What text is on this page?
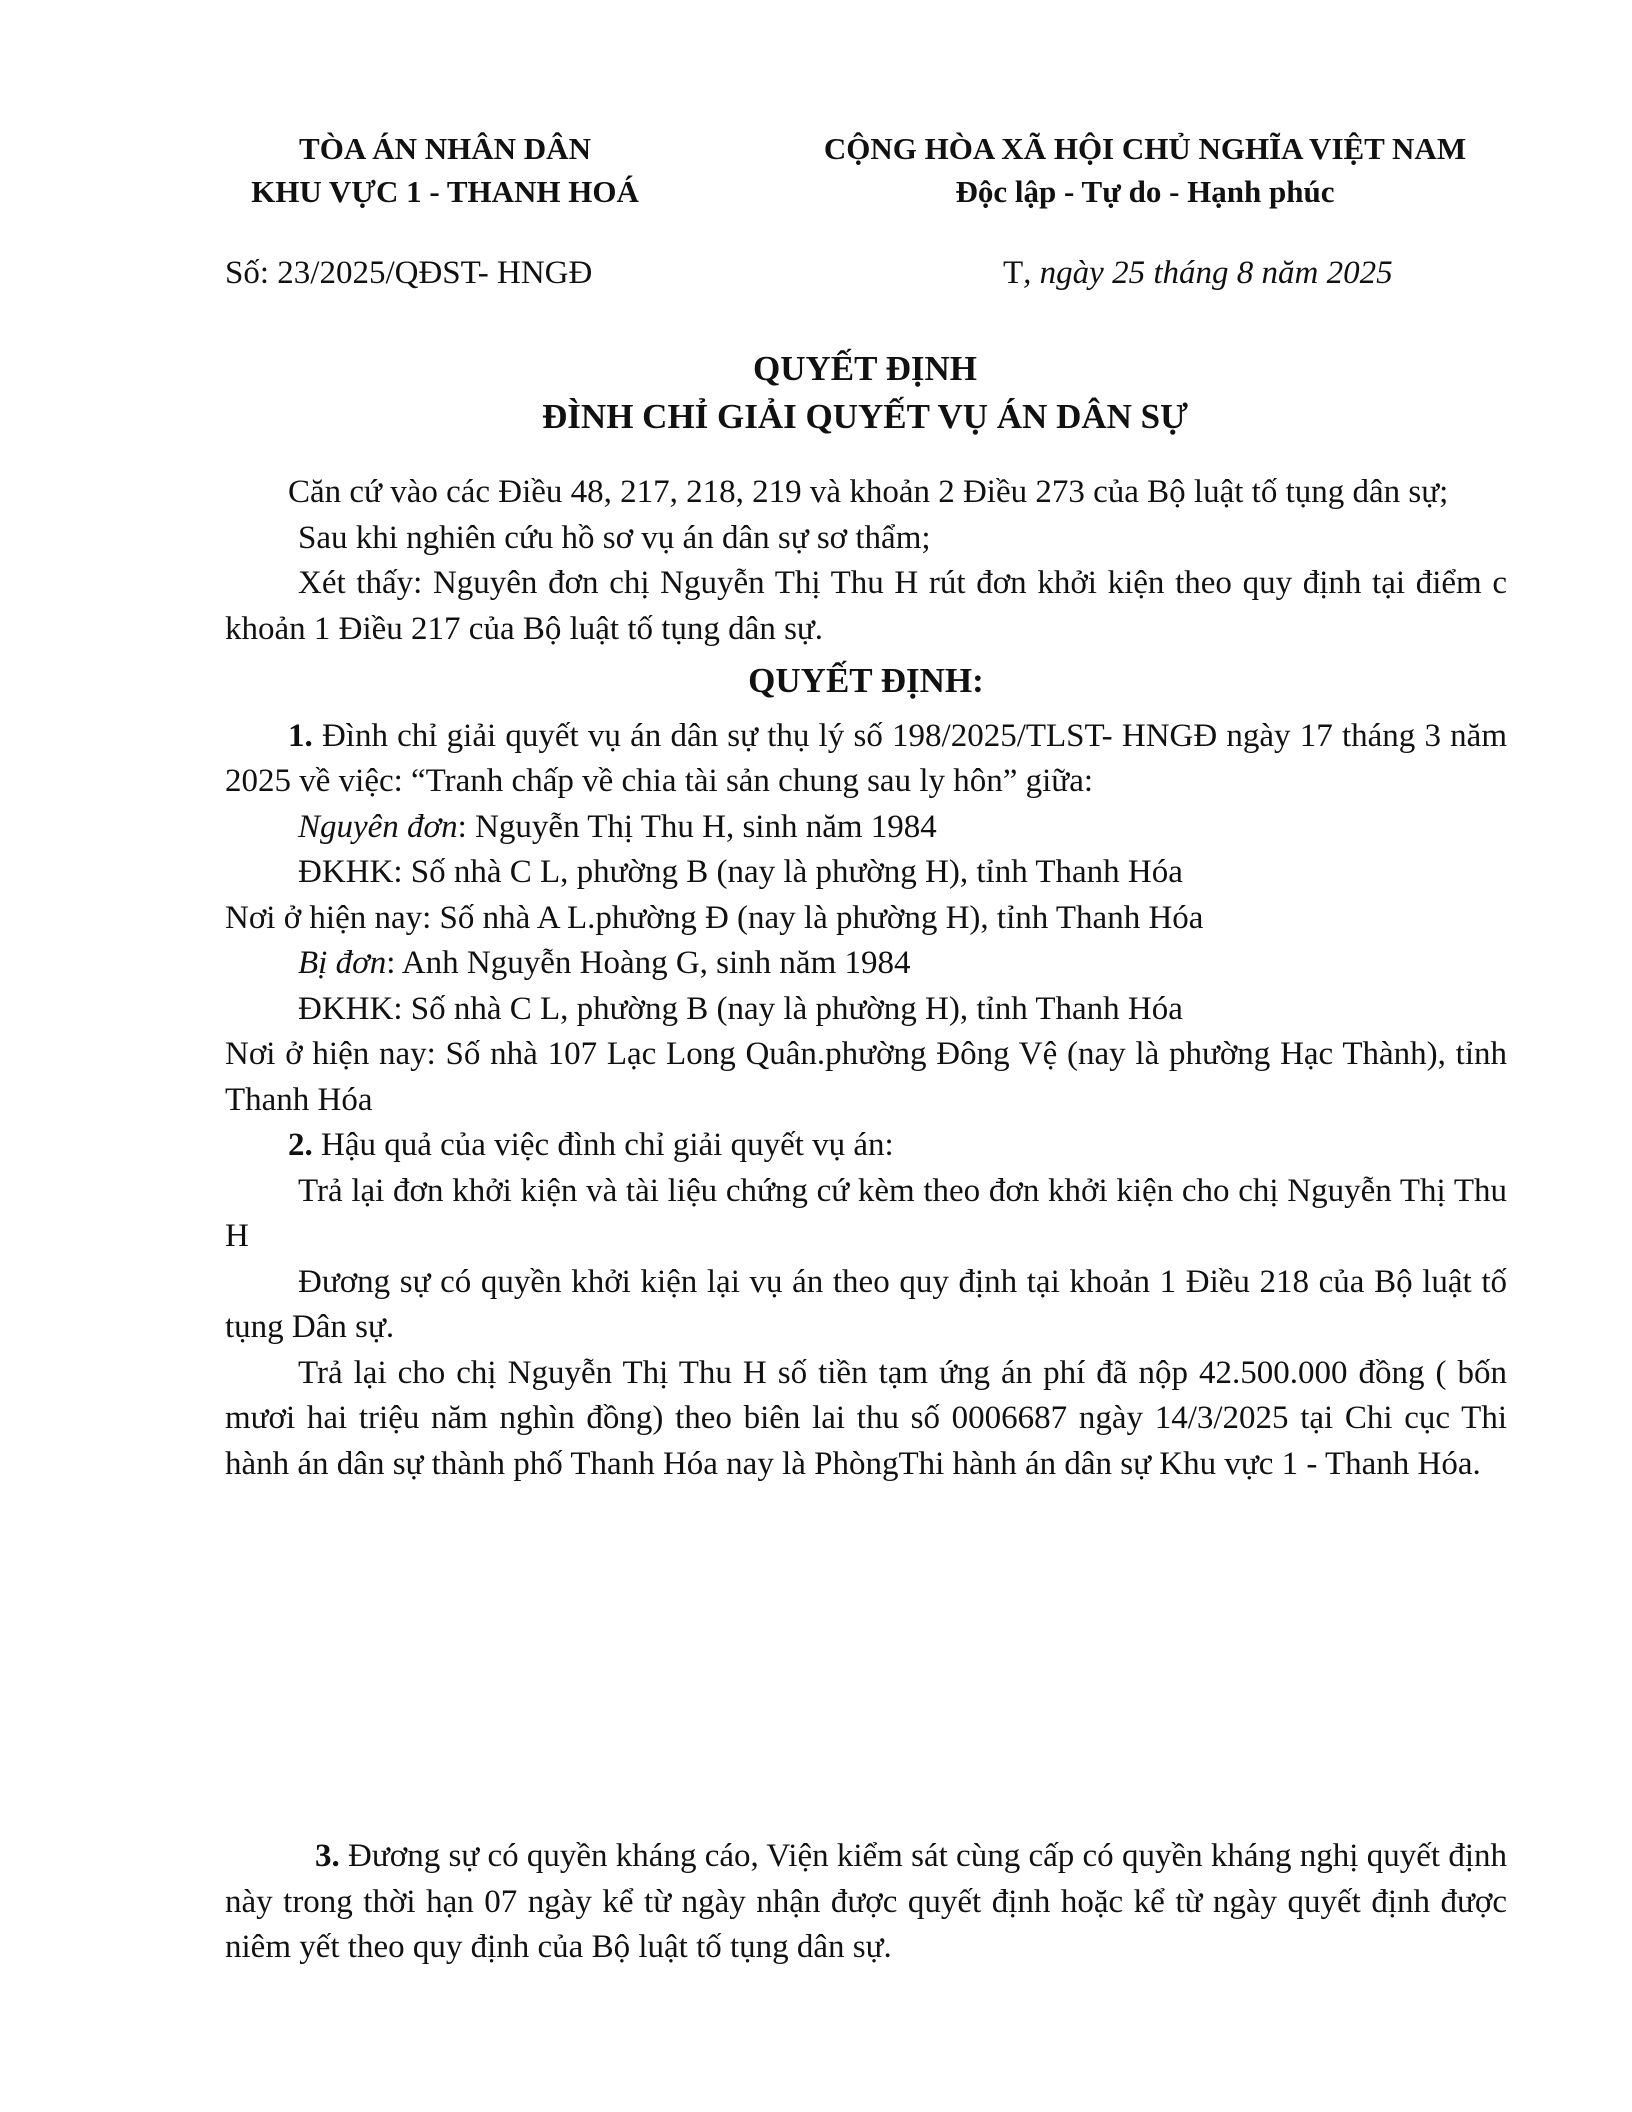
TÒA ÁN NHÂN DÂN
KHU VỰC 1 - THANH HOÁ
CỘNG HÒA XÃ HỘI CHỦ NGHĨA VIỆT NAM
Độc lập - Tự do - Hạnh phúc
Số: 23/2025/QĐST- HNGĐ	T, ngày 25 tháng 8 năm 2025
QUYẾT ĐỊNH
ĐÌNH CHỈ GIẢI QUYẾT VỤ ÁN DÂN SỰ

Căn cứ vào các Điều 48, 217, 218, 219 và khoản 2 Điều 273 của Bộ luật tố tụng dân sự;

Sau khi nghiên cứu hồ sơ vụ án dân sự sơ thẩm;

Xét thấy: Nguyên đơn chị Nguyễn Thị Thu H rút đơn khởi kiện theo quy định tại điểm c khoản 1 Điều 217 của Bộ luật tố tụng dân sự.

QUYẾT ĐỊNH:

1. Đình chỉ giải quyết vụ án dân sự thụ lý số 198/2025/TLST- HNGĐ ngày 17 tháng 3 năm 2025 về việc: “Tranh chấp về chia tài sản chung sau ly hôn” giữa:

Nguyên đơn: Nguyễn Thị Thu H, sinh năm 1984

ĐKHK: Số nhà C L, phường B (nay là phường H), tỉnh Thanh Hóa

Nơi ở hiện nay: Số nhà A L.phường Đ (nay là phường H), tỉnh Thanh Hóa

Bị đơn: Anh Nguyễn Hoàng G, sinh năm 1984

ĐKHK: Số nhà C L, phường B (nay là phường H), tỉnh Thanh Hóa

Nơi ở hiện nay: Số nhà 107 Lạc Long Quân.phường Đông Vệ (nay là phường Hạc Thành), tỉnh Thanh Hóa

2. Hậu quả của việc đình chỉ giải quyết vụ án:

Trả lại đơn khởi kiện và tài liệu chứng cứ kèm theo đơn khởi kiện cho chị Nguyễn Thị Thu H

Đương sự có quyền khởi kiện lại vụ án theo quy định tại khoản 1 Điều 218 của Bộ luật tố tụng Dân sự.

Trả lại cho chị Nguyễn Thị Thu H số tiền tạm ứng án phí đã nộp 42.500.000 đồng ( bốn mươi hai triệu năm nghìn đồng) theo biên lai thu số 0006687 ngày 14/3/2025 tại Chi cục Thi hành án dân sự thành phố Thanh Hóa nay là PhòngThi hành án dân sự Khu vực 1 - Thanh Hóa.

3. Đương sự có quyền kháng cáo, Viện kiểm sát cùng cấp có quyền kháng nghị quyết định này trong thời hạn 07 ngày kể từ ngày nhận được quyết định hoặc kể từ ngày quyết định được niêm yết theo quy định của Bộ luật tố tụng dân sự.
